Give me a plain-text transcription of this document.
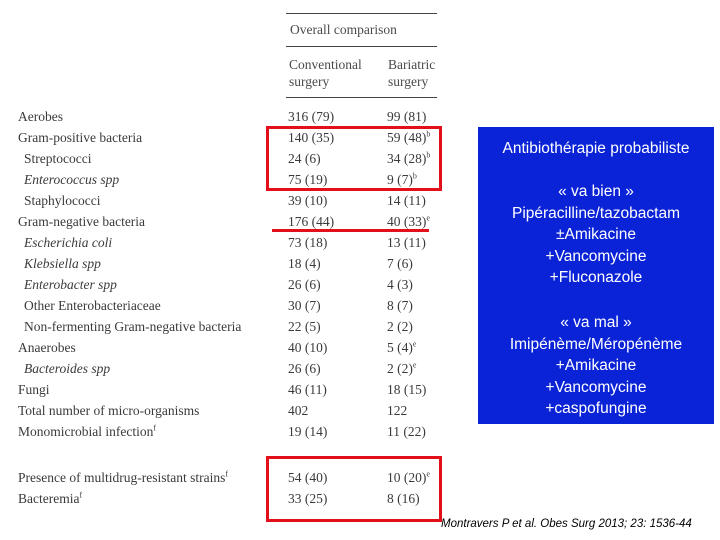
Overall comparison
Conventional
surgery
Bariatric
surgery
Aerobes	316 (79)	99 (81)
Gram-positive bacteria	140 (35)	59 $(48)^b$
Streptococci	24 (6)	34 $(28)^b$
Enterococcus spp	75 (19)	9 $(7)^b$
Staphylococci	39 (10)	14 (11)
Gram-negative bacteria	176 (44)	40 $(33)^e$
Escherichia coli	73 (18)	13 (11)
Klebsiella spp	18 (4)	7 (6)
Enterobacter spp	26 (6)	4 (3)
Other Enterobacteriaceae	30 (7)	8 (7)
Non-fermenting Gram-negative bacteria	22 (5)	2 (2)
Anaerobes	40 (10)	5 $(4)^e$
Bacteroides spp	26 (6)	2 $(2)^e$
Fungi	46 (11)	18 (15)
Total number of micro-organisms	402	122
Monomicrobial infection$^f$	19 (14)	11 (22)
Presence of multidrug-resistant strains$^f$	54 (40)	10 $(20)^e$
Bacteremia$^f$	33 (25)	8 (16)
Antibiothérapie probabiliste
« va bien »
Pipéracilline/tazobactam
±Amikacine
+Vancomycine
+Fluconazole
« va mal »
Imipénème/Méropénème
+Amikacine
+Vancomycine
+caspofungine
Montravers P et al. Obes Surg 2013; 23: 1536-44
